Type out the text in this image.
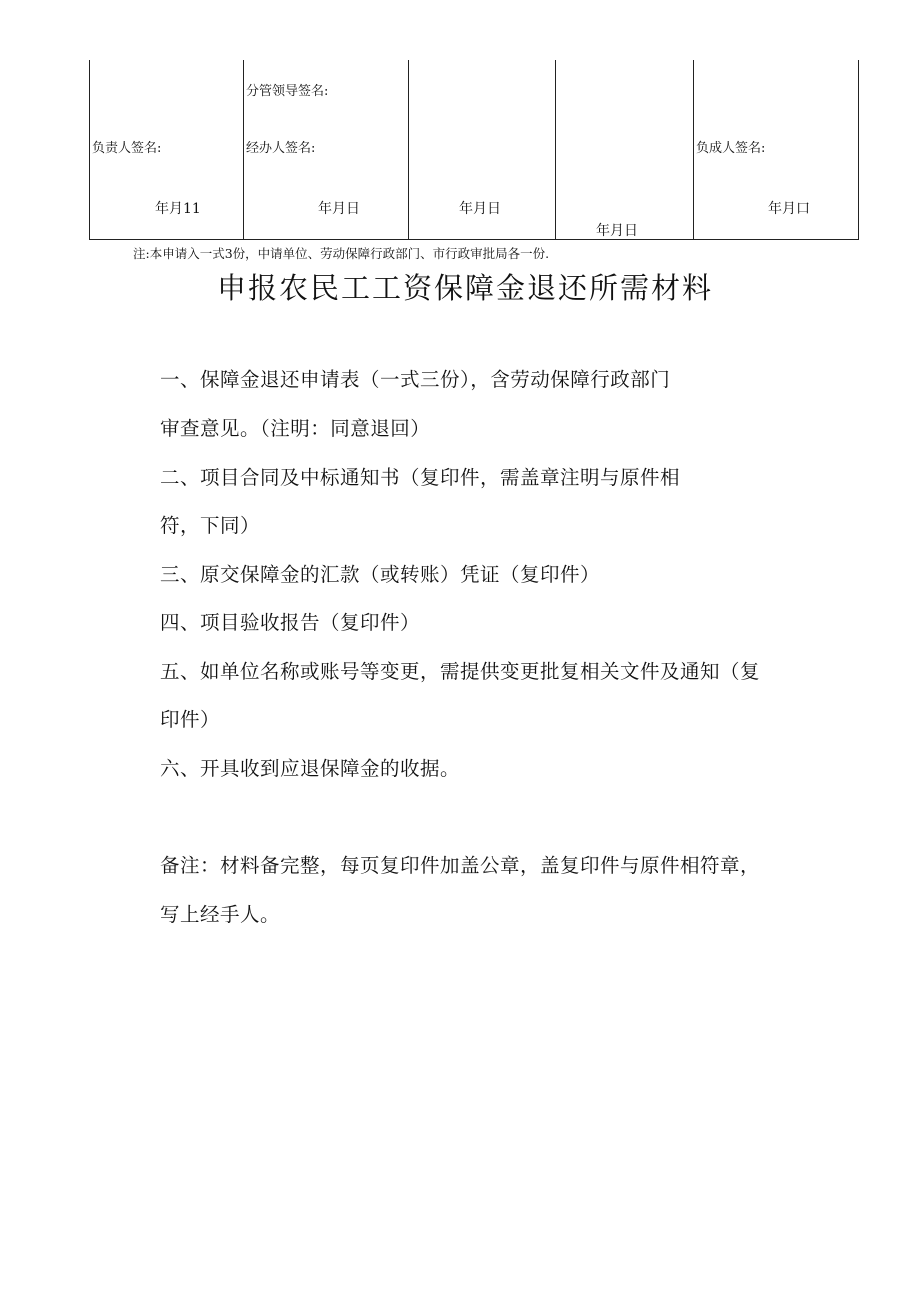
负责人签名:
年月11
分管领导签名:
经办人签名:
年月日	年月日
年月日
负成人签名:
年月口
注:本申请入一式3份，中请单位、劳动保障行政部门、市行政审批局各一份.
申报农民工工资保障金退还所需材料
一、保障金退还申请表（一式三份），含劳动保障行政部门
审查意见。（注明：同意退回）
二、项目合同及中标通知书（复印件，需盖章注明与原件相
符，下同）
三、原交保障金的汇款（或转账）凭证（复印件）
四、项目验收报告（复印件）
五、如单位名称或账号等变更，需提供变更批复相关文件及通知（复
印件）
六、开具收到应退保障金的收据。
备注：材料备完整，每页复印件加盖公章，盖复印件与原件相符章，
写上经手人。
